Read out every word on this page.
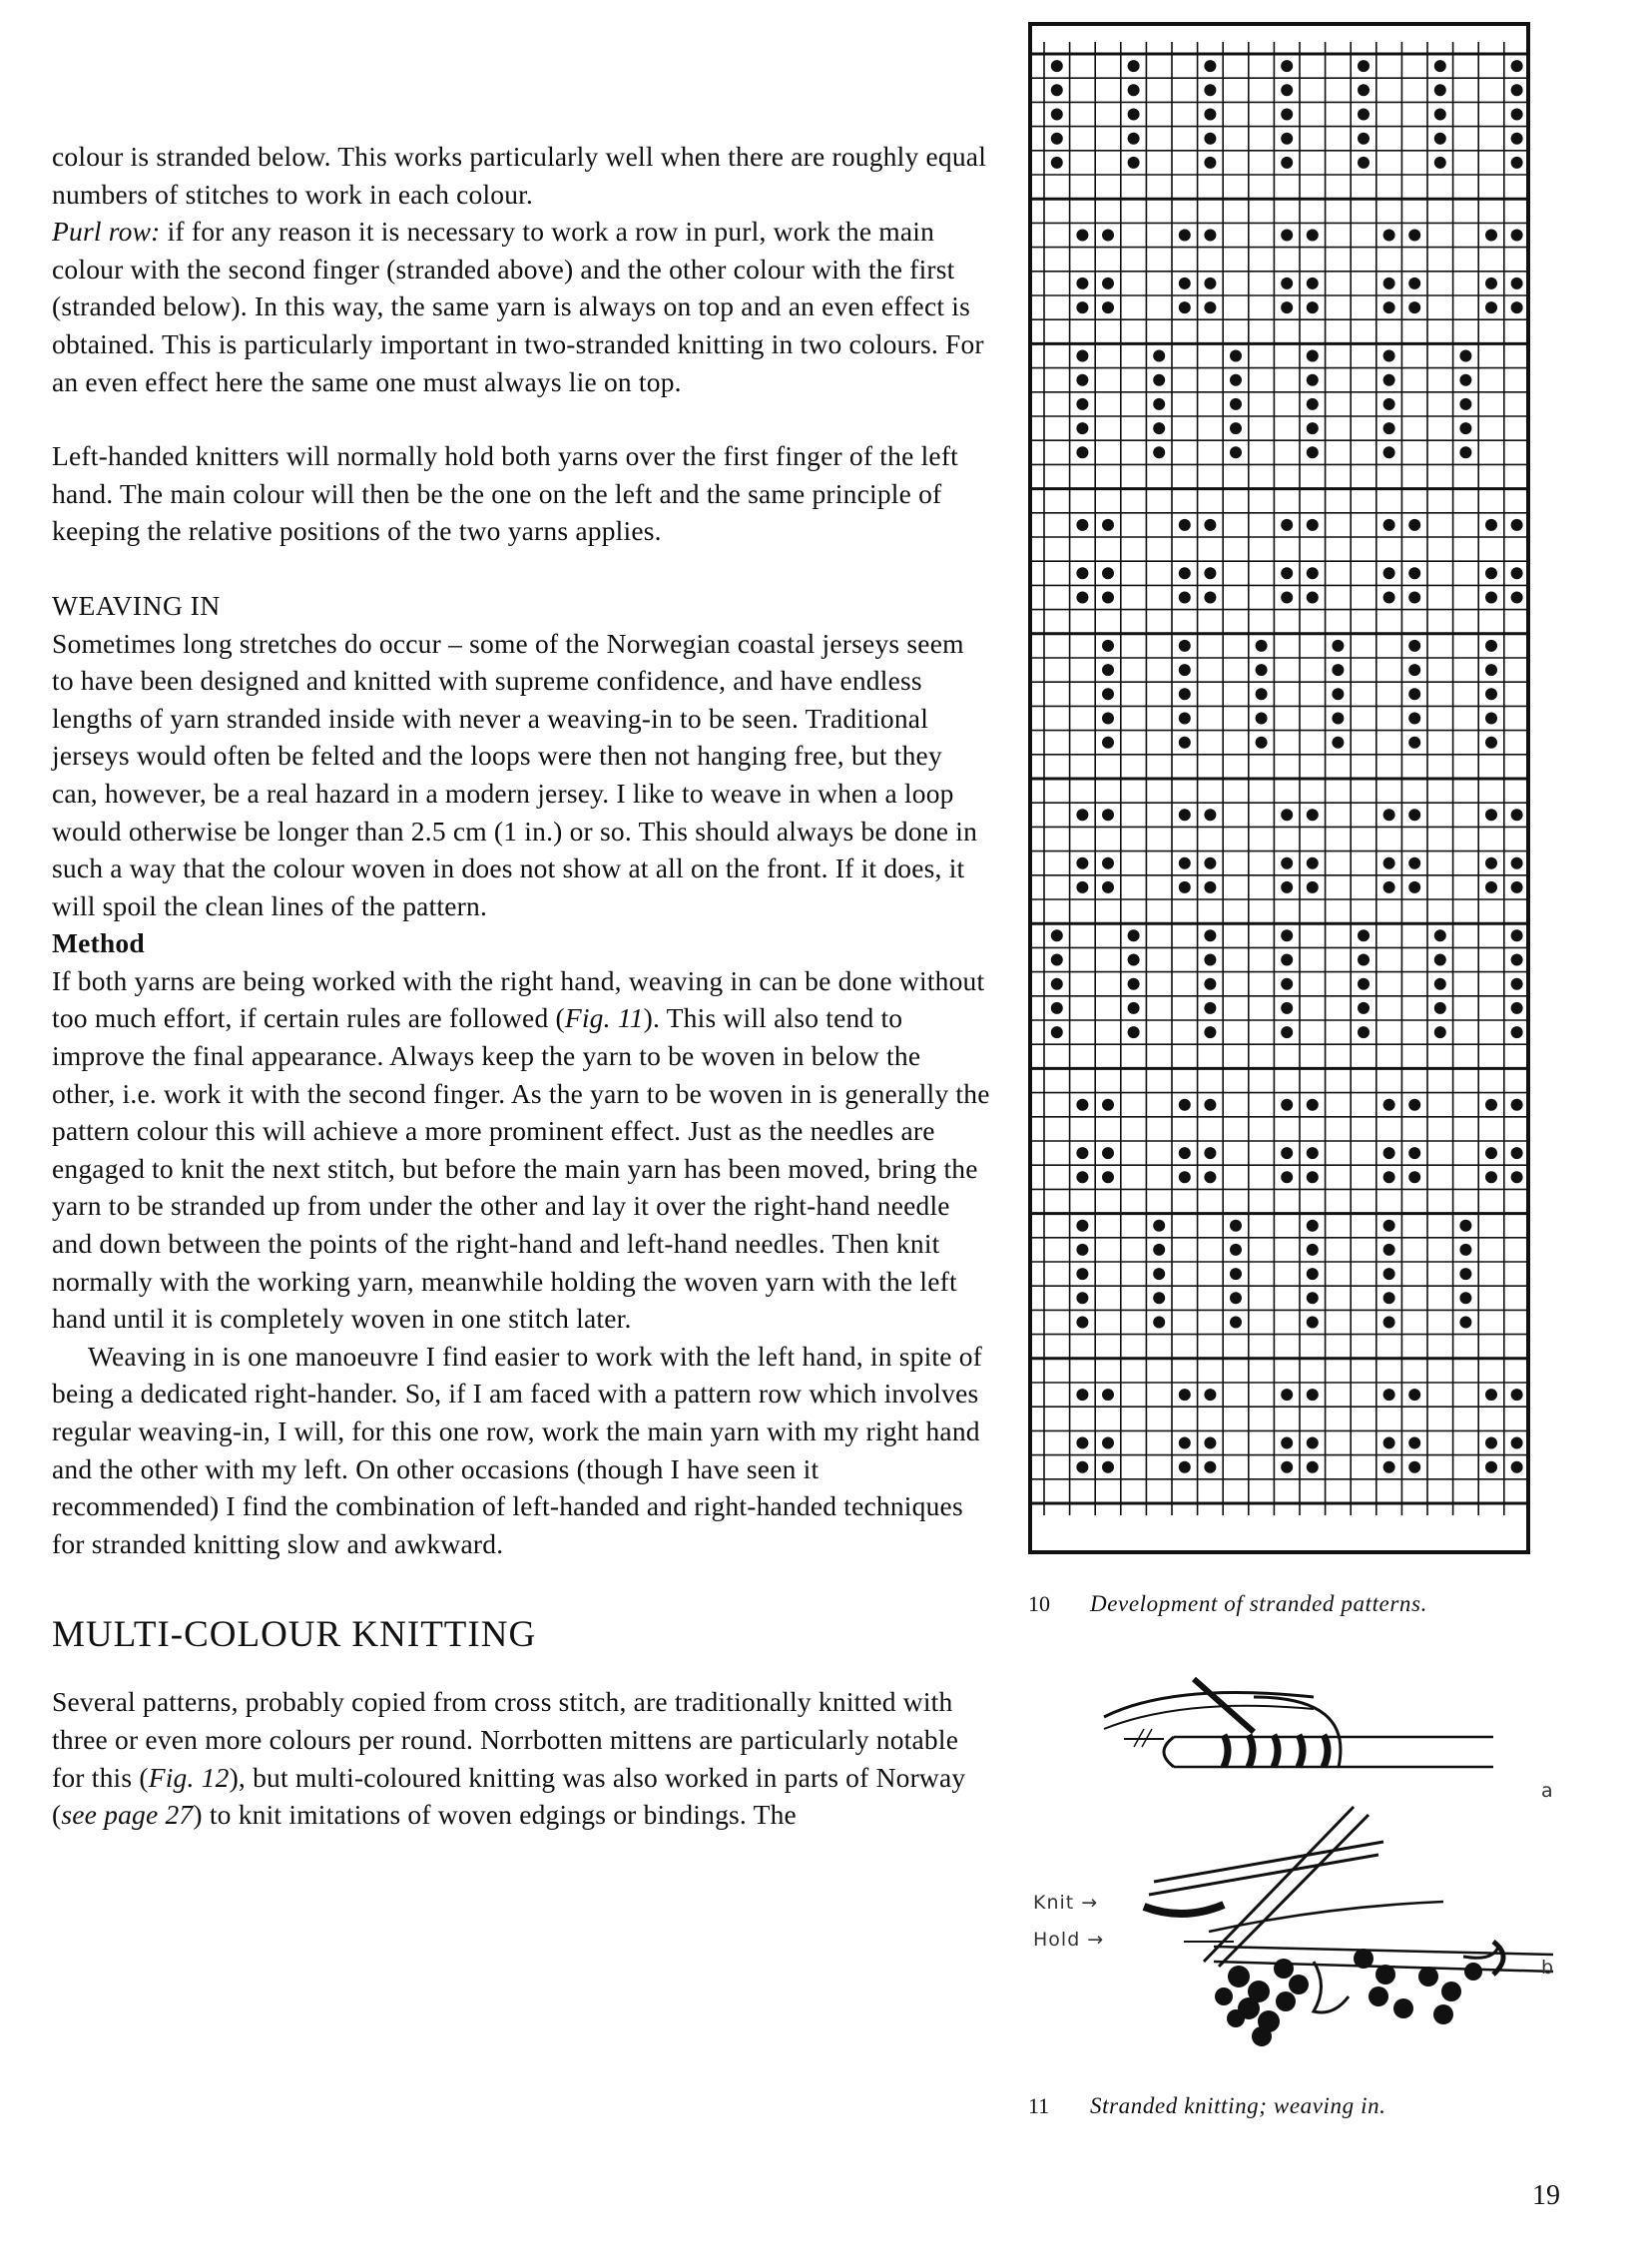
colour is stranded below. This works particularly well when there are roughly equal numbers of stitches to work in each colour.

Purl row: if for any reason it is necessary to work a row in purl, work the main colour with the second finger (stranded above) and the other colour with the first (stranded below). In this way, the same yarn is always on top and an even effect is obtained. This is particularly important in two-stranded knitting in two colours. For an even effect here the same one must always lie on top.

Left-handed knitters will normally hold both yarns over the first finger of the left hand. The main colour will then be the one on the left and the same principle of keeping the relative positions of the two yarns applies.

WEAVING IN

Sometimes long stretches do occur – some of the Norwegian coastal jerseys seem to have been designed and knitted with supreme confidence, and have endless lengths of yarn stranded inside with never a weaving-in to be seen. Traditional jerseys would often be felted and the loops were then not hanging free, but they can, however, be a real hazard in a modern jersey. I like to weave in when a loop would otherwise be longer than 2.5 cm (1 in.) or so. This should always be done in such a way that the colour woven in does not show at all on the front. If it does, it will spoil the clean lines of the pattern.

Method

If both yarns are being worked with the right hand, weaving in can be done without too much effort, if certain rules are followed (Fig. 11). This will also tend to improve the final appearance. Always keep the yarn to be woven in below the other, i.e. work it with the second finger. As the yarn to be woven in is generally the pattern colour this will achieve a more prominent effect. Just as the needles are engaged to knit the next stitch, but before the main yarn has been moved, bring the yarn to be stranded up from under the other and lay it over the right-hand needle and down between the points of the right-hand and left-hand needles. Then knit normally with the working yarn, meanwhile holding the woven yarn with the left hand until it is completely woven in one stitch later.

Weaving in is one manoeuvre I find easier to work with the left hand, in spite of being a dedicated right-hander. So, if I am faced with a pattern row which involves regular weaving-in, I will, for this one row, work the main yarn with my right hand and the other with my left. On other occasions (though I have seen it recommended) I find the combination of left-handed and right-handed techniques for stranded knitting slow and awkward.

MULTI-COLOUR KNITTING

Several patterns, probably copied from cross stitch, are traditionally knitted with three or even more colours per round. Norrbotten mittens are particularly notable for this (Fig. 12), but multi-coloured knitting was also worked in parts of Norway (see page 27) to knit imitations of woven edgings or bindings. The

10 Development of stranded patterns.
a
b
Knit →
Hold →
11 Stranded knitting; weaving in.
19
